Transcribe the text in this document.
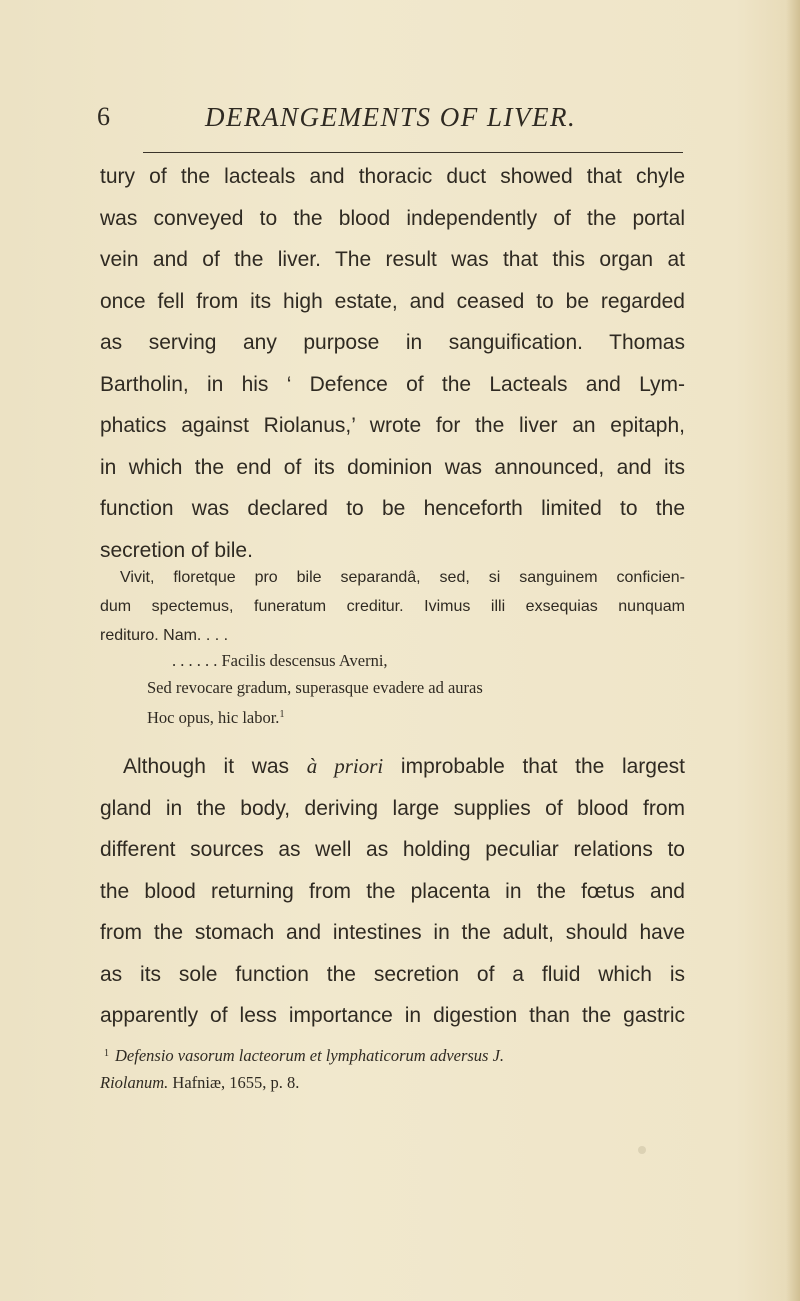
6	DERANGEMENTS OF LIVER.
tury of the lacteals and thoracic duct showed that chyle
was conveyed to the blood independently of the portal
vein and of the liver. The result was that this organ at
once fell from its high estate, and ceased to be regarded
as serving any purpose in sanguification. Thomas
Bartholin, in his ‘ Defence of the Lacteals and Lym-
phatics against Riolanus,’ wrote for the liver an epitaph,
in which the end of its dominion was announced, and its
function was declared to be henceforth limited to the
secretion of bile.
Vivit, floretque pro bile separandâ, sed, si sanguinem conficien-
dum spectemus, funeratum creditur. Ivimus illi exsequias nunquam
redituro. Nam. . . .
. . . . . . Facilis descensus Averni,
Sed revocare gradum, superasque evadere ad auras
Hoc opus, hic labor.$^1$
Although it was à priori improbable that the largest
gland in the body, deriving large supplies of blood from
different sources as well as holding peculiar relations to
the blood returning from the placenta in the fœtus and
from the stomach and intestines in the adult, should have
as its sole function the secretion of a fluid which is
apparently of less importance in digestion than the gastric
$^1$ Defensio vasorum lacteorum et lymphaticorum adversus J.
Riolanum. Hafniæ, 1655, p. 8.
